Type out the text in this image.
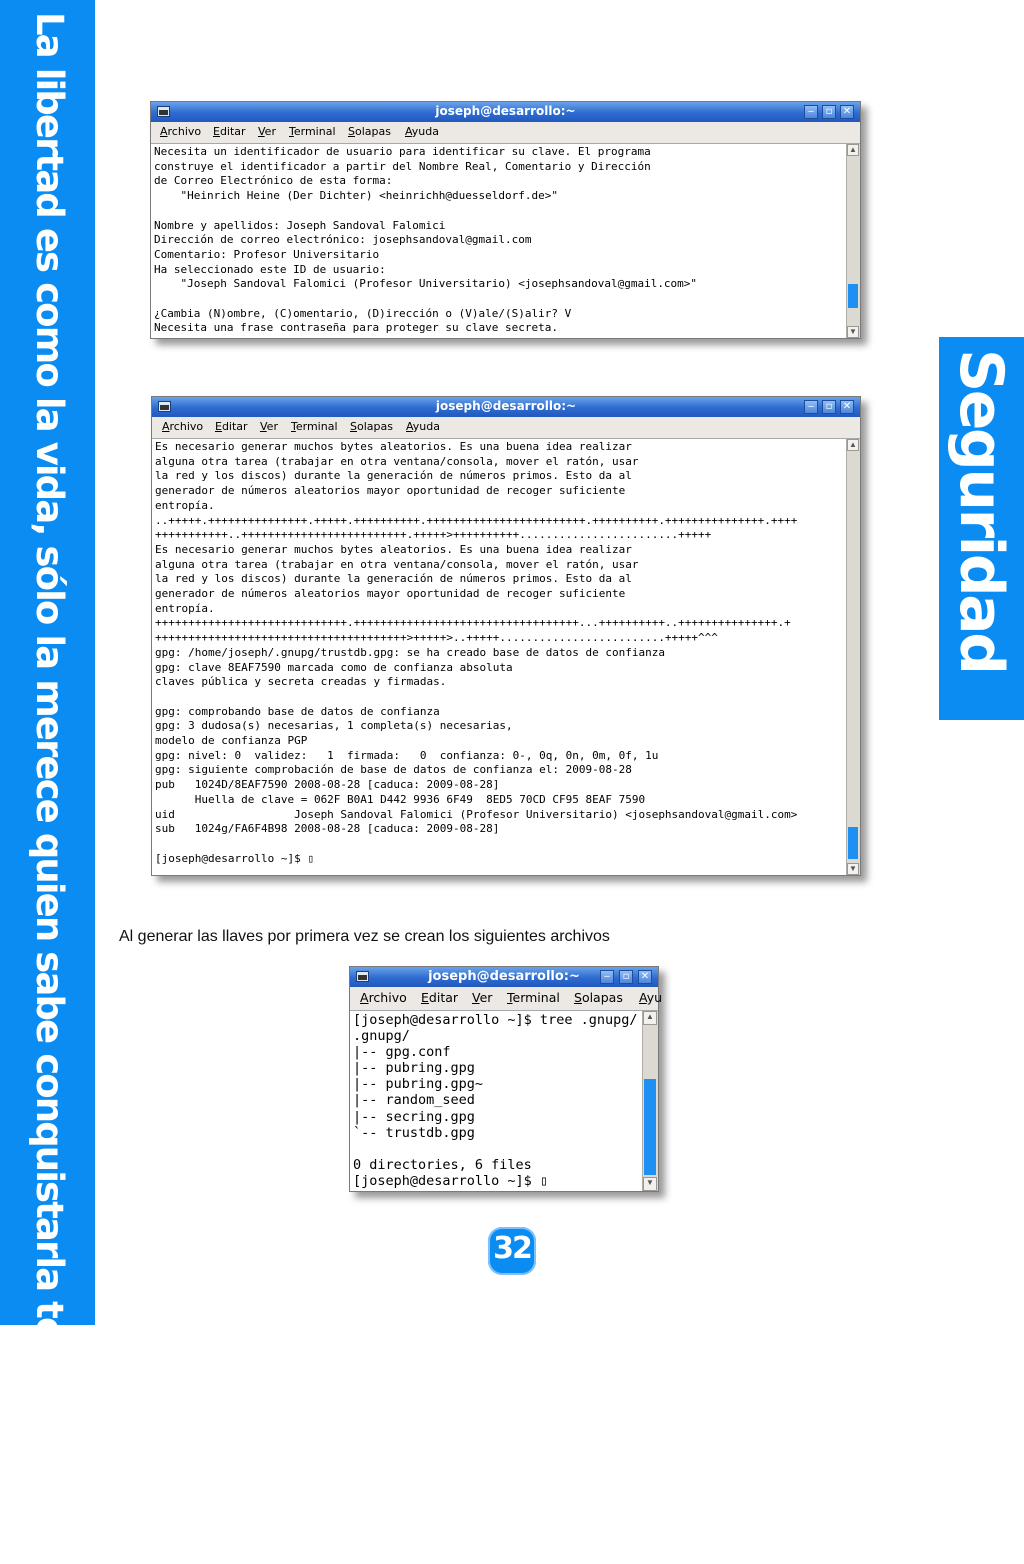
La libertad es como la vida, sólo la merece quien sabe conquistarla todos los días	Seguridad
joseph@desarrollo:~	‒	▫	✕
Archivo Editar Ver Terminal Solapas Ayuda
Necesita un identificador de usuario para identificar su clave. El programa
construye el identificador a partir del Nombre Real, Comentario y Dirección
de Correo Electrónico de esta forma:
"Heinrich Heine (Der Dichter) <heinrichh@duesseldorf.de>"

Nombre y apellidos: Joseph Sandoval Falomici
Dirección de correo electrónico: josephsandoval@gmail.com
Comentario: Profesor Universitario
Ha seleccionado este ID de usuario:
"Joseph Sandoval Falomici (Profesor Universitario) <josephsandoval@gmail.com>"

¿Cambia (N)ombre, (C)omentario, (D)irección o (V)ale/(S)alir? V
Necesita una frase contraseña para proteger su clave secreta.
▲
▼
joseph@desarrollo:~	‒	▫	✕
Archivo Editar Ver Terminal Solapas Ayuda
Es necesario generar muchos bytes aleatorios. Es una buena idea realizar
alguna otra tarea (trabajar en otra ventana/consola, mover el ratón, usar
la red y los discos) durante la generación de números primos. Esto da al
generador de números aleatorios mayor oportunidad de recoger suficiente
entropía.
..+++++.+++++++++++++++.+++++.++++++++++.++++++++++++++++++++++++.++++++++++.+++++++++++++++.++++
+++++++++++..+++++++++++++++++++++++++.+++++>++++++++++........................+++++
Es necesario generar muchos bytes aleatorios. Es una buena idea realizar
alguna otra tarea (trabajar en otra ventana/consola, mover el ratón, usar
la red y los discos) durante la generación de números primos. Esto da al
generador de números aleatorios mayor oportunidad de recoger suficiente
entropía.
+++++++++++++++++++++++++++++.++++++++++++++++++++++++++++++++++...++++++++++..+++++++++++++++.+
++++++++++++++++++++++++++++++++++++++>+++++>..+++++.........................+++++^^^
gpg: /home/joseph/.gnupg/trustdb.gpg: se ha creado base de datos de confianza
gpg: clave 8EAF7590 marcada como de confianza absoluta
claves pública y secreta creadas y firmadas.

gpg: comprobando base de datos de confianza
gpg: 3 dudosa(s) necesarias, 1 completa(s) necesarias,
modelo de confianza PGP
gpg: nivel: 0  validez:   1  firmada:   0  confianza: 0-, 0q, 0n, 0m, 0f, 1u
gpg: siguiente comprobación de base de datos de confianza el: 2009-08-28
pub   1024D/8EAF7590 2008-08-28 [caduca: 2009-08-28]
Huella de clave = 062F B0A1 D442 9936 6F49  8ED5 70CD CF95 8EAF 7590
uid                  Joseph Sandoval Falomici (Profesor Universitario) <josephsandoval@gmail.com>
sub   1024g/FA6F4B98 2008-08-28 [caduca: 2009-08-28]

[joseph@desarrollo ~]$ ▯
▲
▼
Al generar las llaves por primera vez se crean los siguientes archivos
joseph@desarrollo:~	‒	▫	✕
Archivo Editar Ver Terminal Solapas Ayu
[joseph@desarrollo ~]$ tree .gnupg/
.gnupg/
|-- gpg.conf
|-- pubring.gpg
|-- pubring.gpg~
|-- random_seed
|-- secring.gpg
`-- trustdb.gpg

0 directories, 6 files
[joseph@desarrollo ~]$ ▯
▲
▼
32
